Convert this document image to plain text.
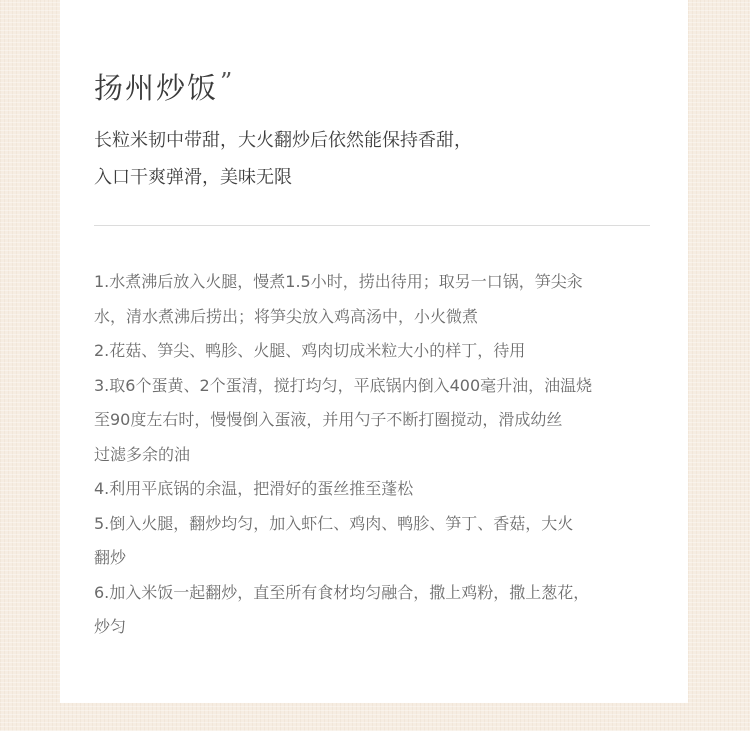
扬州炒饭”
长粒米韧中带甜，大火翻炒后依然能保持香甜，
入口干爽弹滑，美味无限
1.水煮沸后放入火腿，慢煮1.5小时，捞出待用；取另一口锅，笋尖汆
水，清水煮沸后捞出；将笋尖放入鸡高汤中，小火微煮
2.花菇、笋尖、鸭胗、火腿、鸡肉切成米粒大小的样丁，待用
3.取6个蛋黄、2个蛋清，搅打均匀，平底锅内倒入400毫升油，油温烧
至90度左右时，慢慢倒入蛋液，并用勺子不断打圈搅动，滑成幼丝
过滤多余的油
4.利用平底锅的余温，把滑好的蛋丝推至蓬松
5.倒入火腿，翻炒均匀，加入虾仁、鸡肉、鸭胗、笋丁、香菇，大火
翻炒
6.加入米饭一起翻炒，直至所有食材均匀融合，撒上鸡粉，撒上葱花，
炒匀
